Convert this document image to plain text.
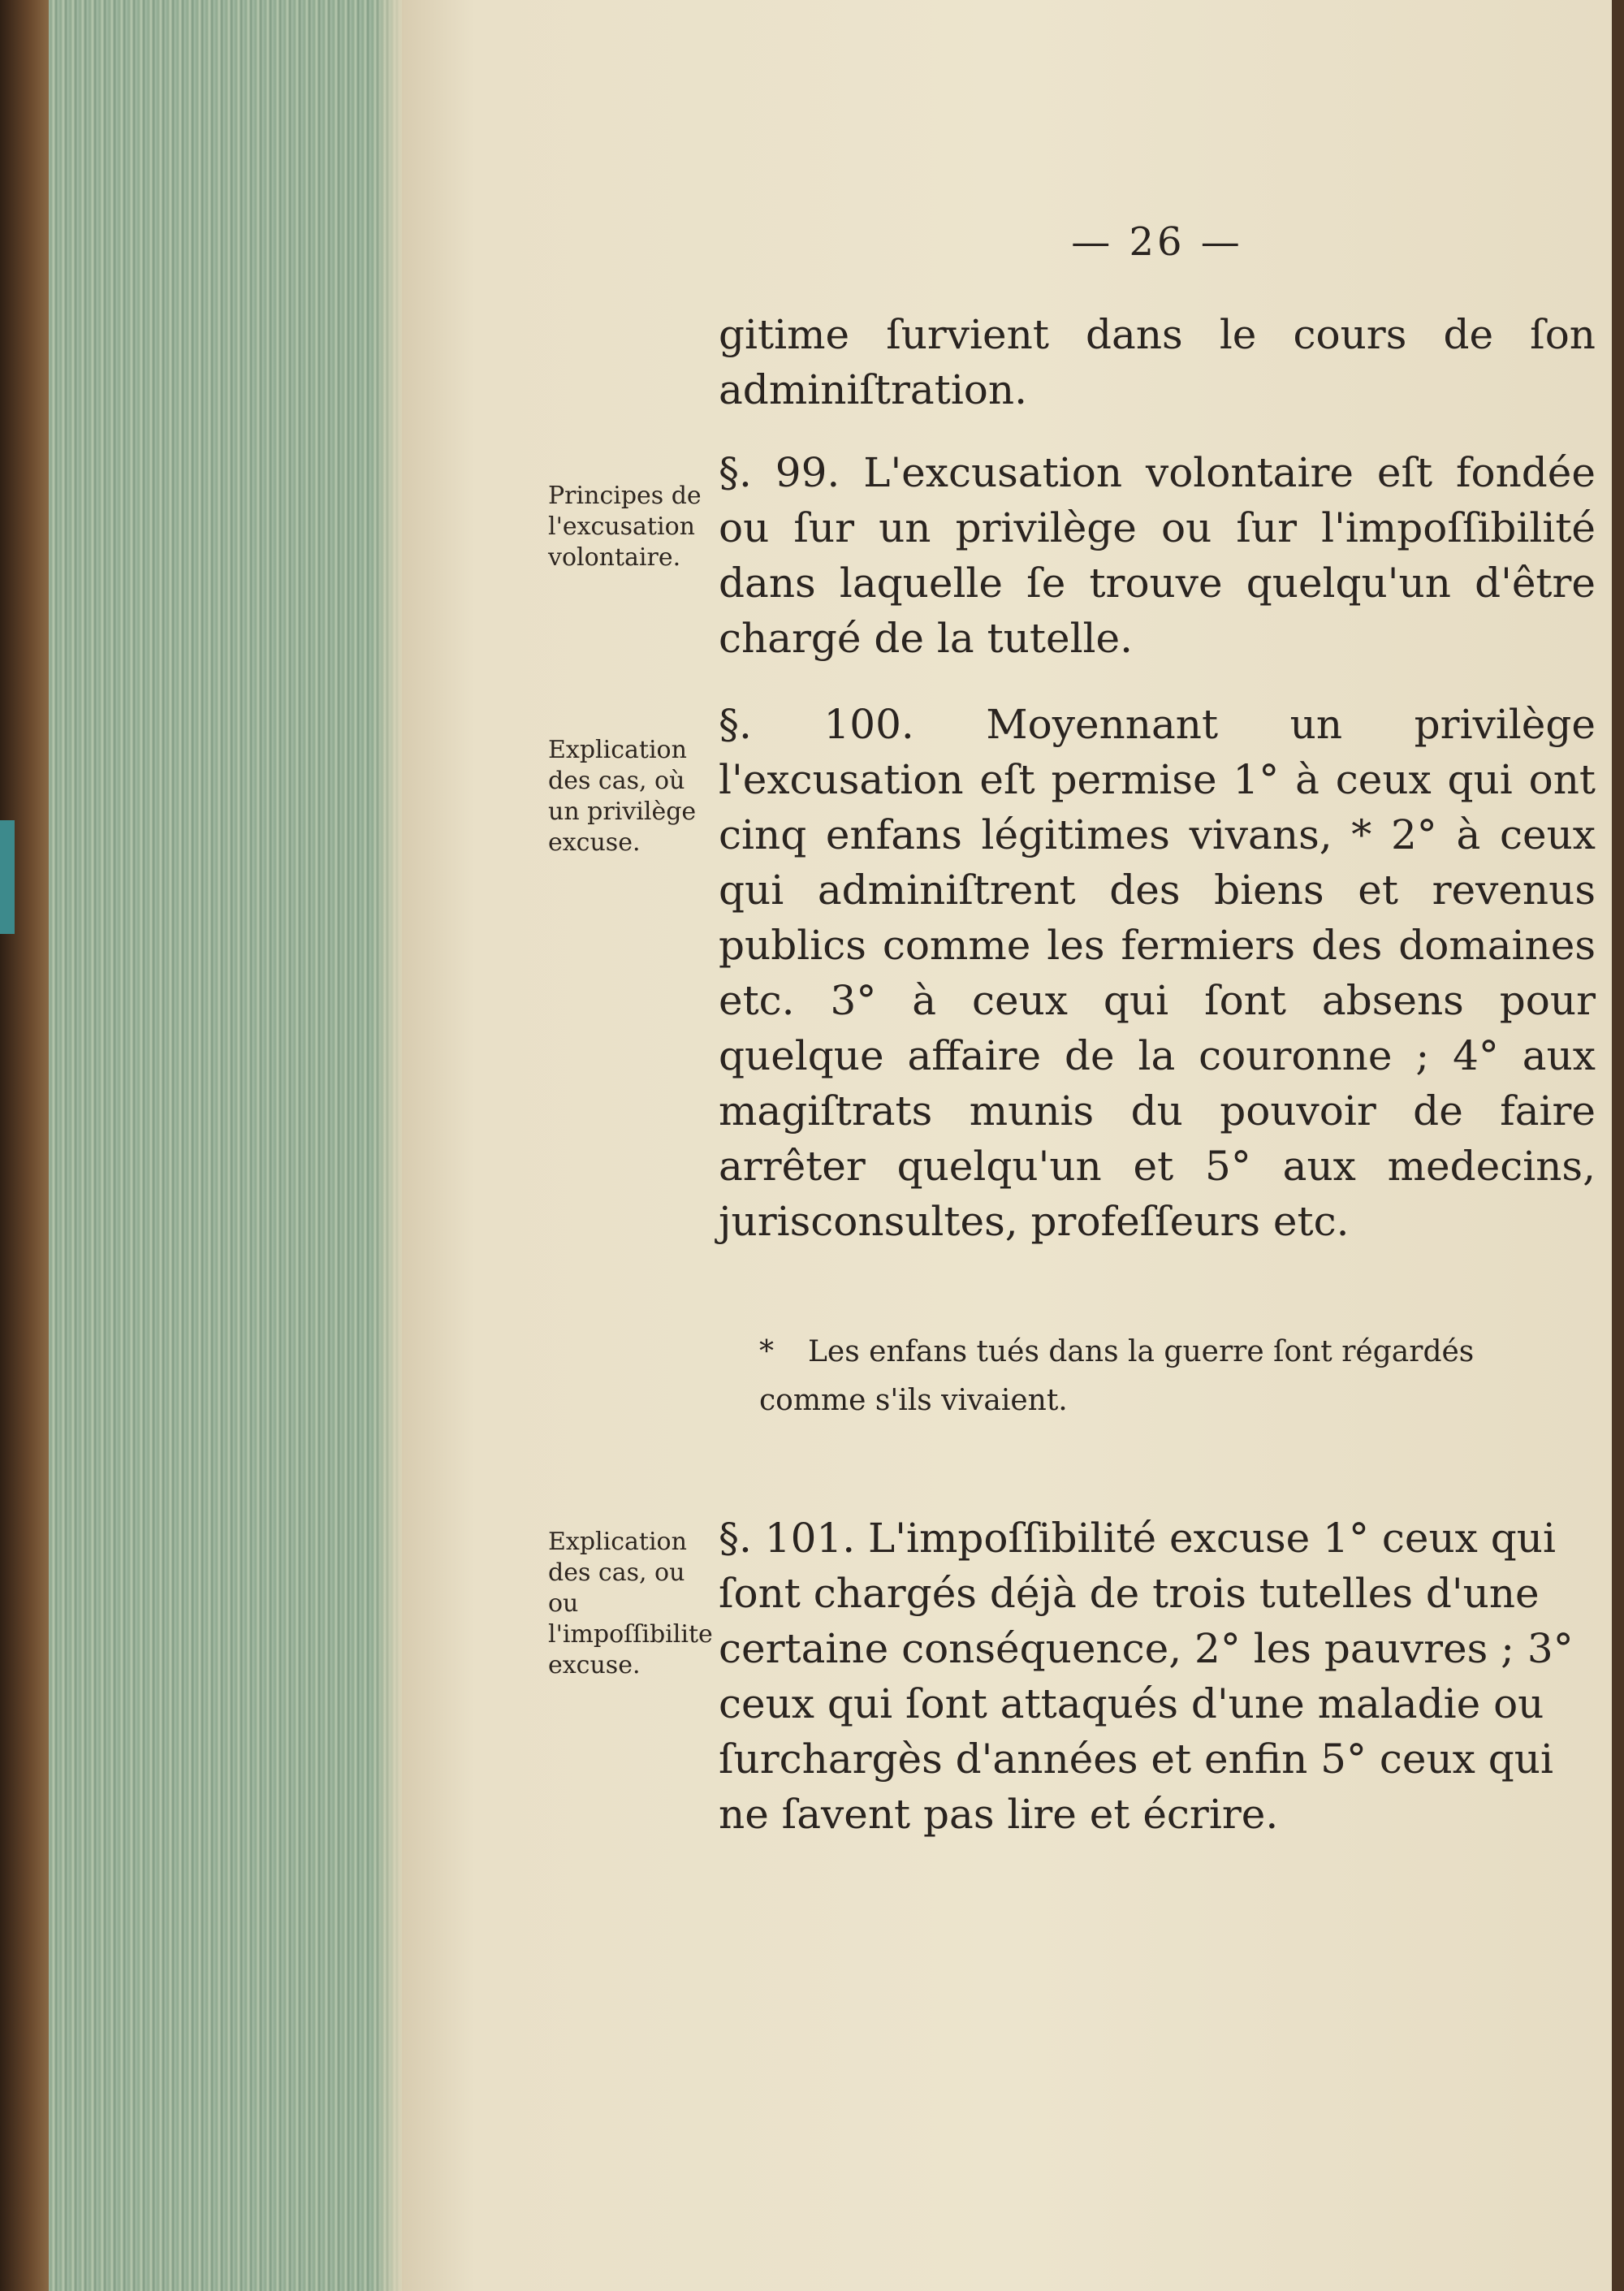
— 26 —
gitime ſurvient dans le cours de ſon adminiſtration.
Principes de l'excusation volontaire.
§. 99. L'excusation volontaire eſt fondée ou ſur un privilège ou ſur l'impoſſibilité dans laquelle ſe trouve quelqu'un d'être chargé de la tutelle.
Explication des cas, où un privilège excuse.
§. 100. Moyennant un privilège l'excusation eſt permise 1° à ceux qui ont cinq enfans légitimes vivans, * 2° à ceux qui adminiſtrent des biens et revenus publics comme les fermiers des domaines etc. 3° à ceux qui ſont absens pour quelque affaire de la couronne ; 4° aux magiſtrats munis du pouvoir de faire arrêter quelqu'un et 5° aux medecins, jurisconsultes, profeſſeurs etc.
* Les enfans tués dans la guerre ſont régardés comme s'ils vivaient.
Explication des cas, ou ou l'impoſſibilite excuse.
§. 101. L'impoſſibilité excuse 1° ceux qui ſont chargés déjà de trois tutelles d'une certaine conséquence, 2° les pauvres ; 3° ceux qui ſont attaqués d'une maladie ou ſurchargès d'années et enfin 5° ceux qui ne ſavent pas lire et écrire.
